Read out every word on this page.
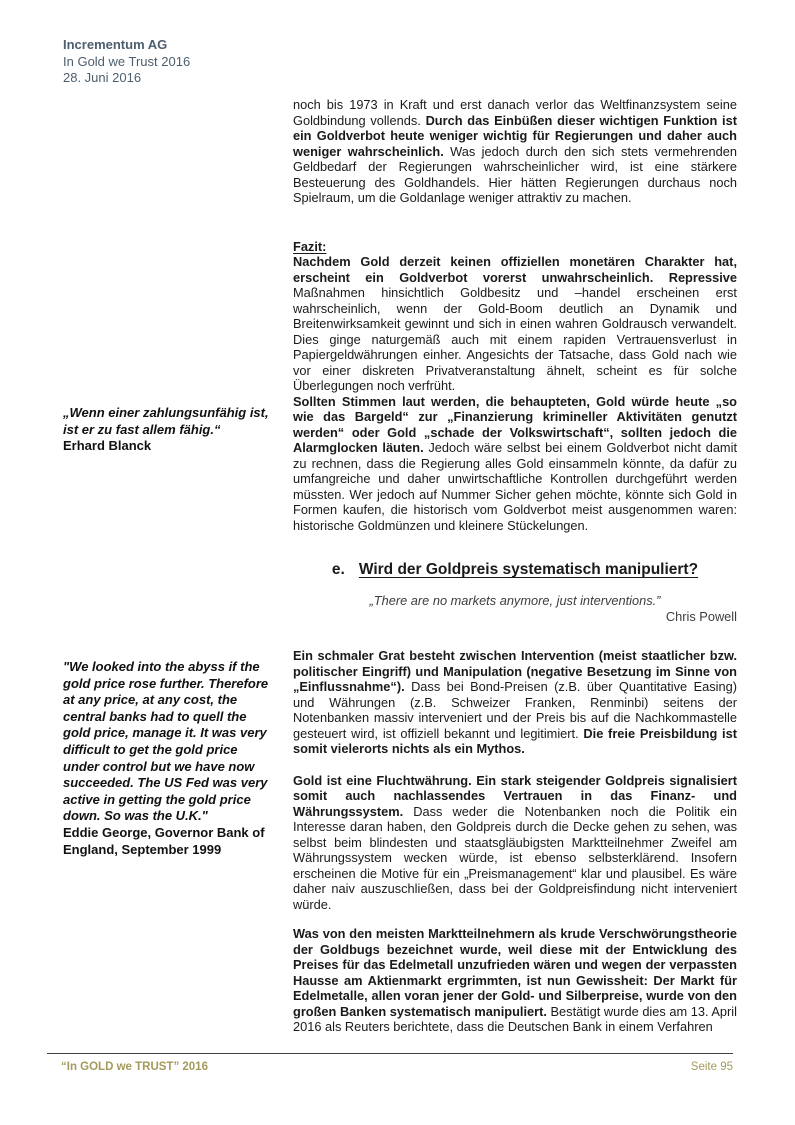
Incrementum AG
In Gold we Trust 2016
28. Juni 2016
„Wenn einer zahlungsunfähig ist, ist er zu fast allem fähig.“
Erhard Blanck
"We looked into the abyss if the gold price rose further. Therefore at any price, at any cost, the central banks had to quell the gold price, manage it. It was very difficult to get the gold price under control but we have now succeeded. The US Fed was very active in getting the gold price down. So was the U.K."
Eddie George, Governor Bank of England, September 1999

noch bis 1973 in Kraft und erst danach verlor das Weltfinanzsystem seine Goldbindung vollends. Durch das Einbüßen dieser wichtigen Funktion ist ein Goldverbot heute weniger wichtig für Regierungen und daher auch weniger wahrscheinlich. Was jedoch durch den sich stets vermehrenden Geldbedarf der Regierungen wahrscheinlicher wird, ist eine stärkere Besteuerung des Goldhandels. Hier hätten Regierungen durchaus noch Spielraum, um die Goldanlage weniger attraktiv zu machen.

Fazit:

Nachdem Gold derzeit keinen offiziellen monetären Charakter hat, erscheint ein Goldverbot vorerst unwahrscheinlich. Repressive Maßnahmen hinsichtlich Goldbesitz und –handel erscheinen erst wahrscheinlich, wenn der Gold-Boom deutlich an Dynamik und Breitenwirksamkeit gewinnt und sich in einen wahren Goldrausch verwandelt. Dies ginge naturgemäß auch mit einem rapiden Vertrauensverlust in Papiergeldwährungen einher. Angesichts der Tatsache, dass Gold nach wie vor einer diskreten Privatveranstaltung ähnelt, scheint es für solche Überlegungen noch verfrüht.

Sollten Stimmen laut werden, die behaupteten, Gold würde heute „so wie das Bargeld“ zur „Finanzierung krimineller Aktivitäten genutzt werden“ oder Gold „schade der Volkswirtschaft“, sollten jedoch die Alarmglocken läuten. Jedoch wäre selbst bei einem Goldverbot nicht damit zu rechnen, dass die Regierung alles Gold einsammeln könnte, da dafür zu umfangreiche und daher unwirtschaftliche Kontrollen durchgeführt werden müssten. Wer jedoch auf Nummer Sicher gehen möchte, könnte sich Gold in Formen kaufen, die historisch vom Goldverbot meist ausgenommen waren: historische Goldmünzen und kleinere Stückelungen.

e. Wird der Goldpreis systematisch manipuliert?
„There are no markets anymore, just interventions.”
Chris Powell

Ein schmaler Grat besteht zwischen Intervention (meist staatlicher bzw. politischer Eingriff) und Manipulation (negative Besetzung im Sinne von „Einflussnahme“). Dass bei Bond-Preisen (z.B. über Quantitative Easing) und Währungen (z.B. Schweizer Franken, Renminbi) seitens der Notenbanken massiv interveniert und der Preis bis auf die Nachkommastelle gesteuert wird, ist offiziell bekannt und legitimiert. Die freie Preisbildung ist somit vielerorts nichts als ein Mythos.

Gold ist eine Fluchtwährung. Ein stark steigender Goldpreis signalisiert somit auch nachlassendes Vertrauen in das Finanz- und Währungssystem. Dass weder die Notenbanken noch die Politik ein Interesse daran haben, den Goldpreis durch die Decke gehen zu sehen, was selbst beim blindesten und staatsgläubigsten Marktteilnehmer Zweifel am Währungssystem wecken würde, ist ebenso selbsterklärend. Insofern erscheinen die Motive für ein „Preismanagement“ klar und plausibel. Es wäre daher naiv auszuschließen, dass bei der Goldpreisfindung nicht interveniert würde.

Was von den meisten Marktteilnehmern als krude Verschwörungstheorie der Goldbugs bezeichnet wurde, weil diese mit der Entwicklung des Preises für das Edelmetall unzufrieden wären und wegen der verpassten Hausse am Aktienmarkt ergrimmten, ist nun Gewissheit: Der Markt für Edelmetalle, allen voran jener der Gold- und Silberpreise, wurde von den großen Banken systematisch manipuliert. Bestätigt wurde dies am 13. April 2016 als Reuters berichtete, dass die Deutschen Bank in einem Verfahren

“In GOLD we TRUST” 2016	Seite 95
